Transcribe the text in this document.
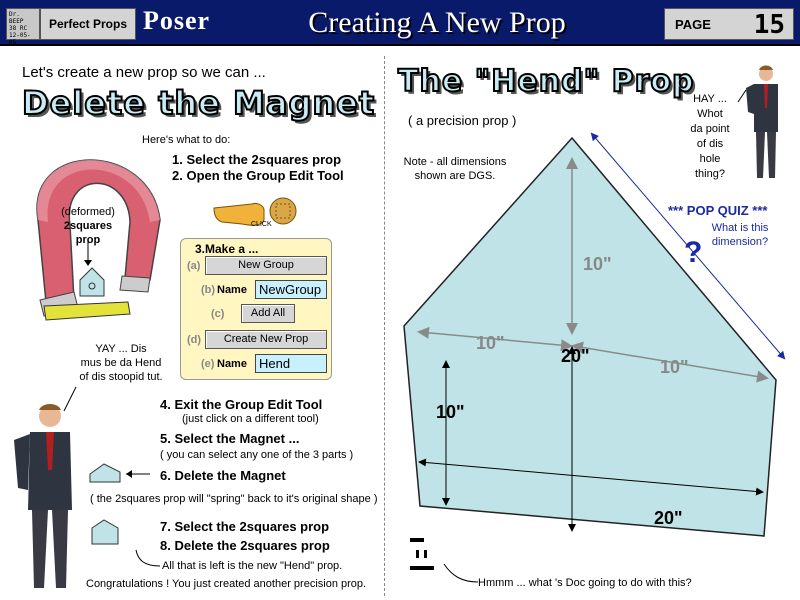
Dr.
BEEP
38 RC
12-05-05
Perfect Props Poser	Creating A New Prop	PAGE 15
Let's create a new prop so we can ...
Delete the Magnet
Here's what to do:
1. Select the 2squares prop
2. Open the Group Edit Tool
(deformed)
2squares
prop
CLICK
3.Make a ...
(a)	New Group
(b) Name NewGroup
(c)	Add All
(d)	Create New Prop
(e) Name Hend
YAY ... Dis
mus be da Hend
of dis stoopid tut.
4. Exit the Group Edit Tool
(just click on a different tool)
5. Select the Magnet ...
( you can select any one of the 3 parts )
6. Delete the Magnet
( the 2squares prop will "spring" back to it's original shape )
7. Select the 2squares prop
8. Delete the 2squares prop
All that is left is the new "Hend" prop.
Congratulations ! You just created another precision prop.
The "Hend" Prop
( a precision prop )
Note - all dimensions
shown are DGS.
10"
10"
10"
20"
10"
20"
*** POP QUIZ ***
What is this
dimension?
?
HAY ...
Whot
da point
of dis
hole
thing?
Hmmm ... what 's Doc going to do with this?
